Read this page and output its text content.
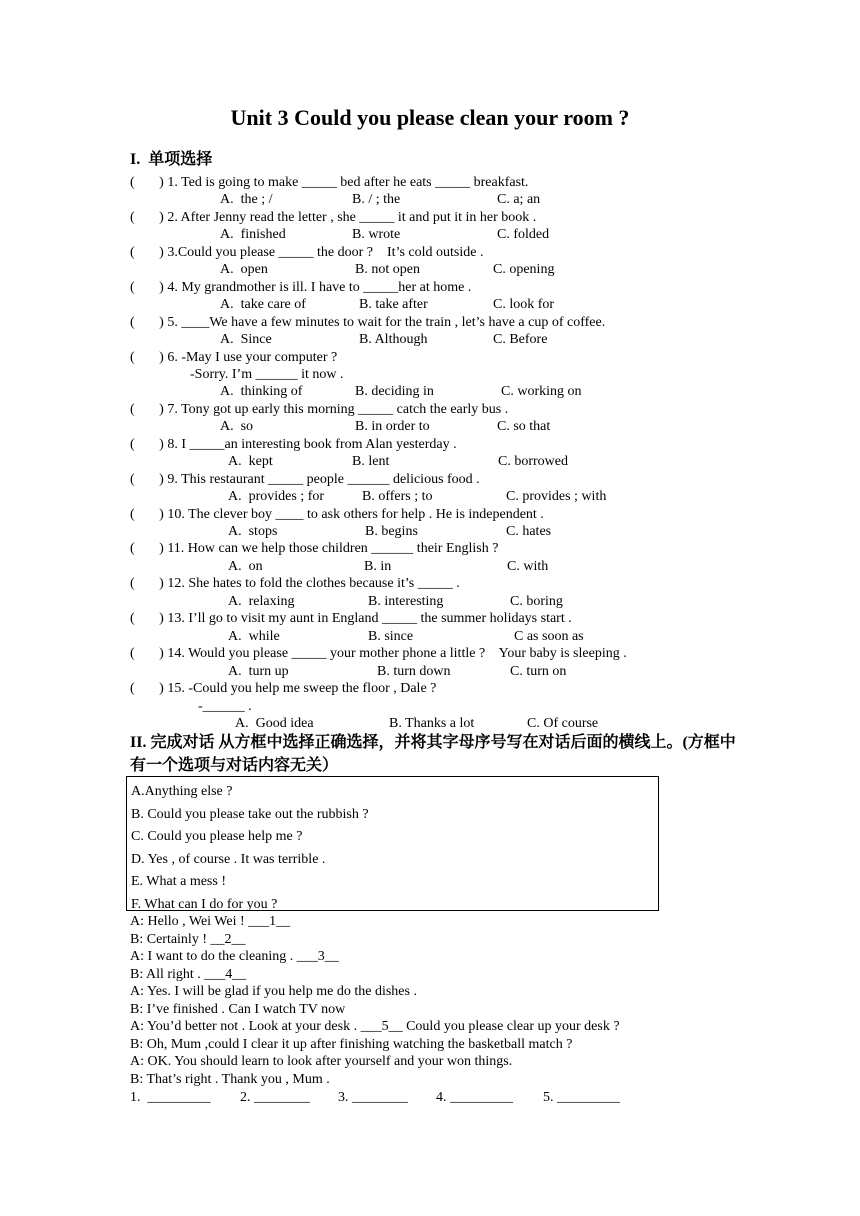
Unit 3 Could you please clean your room ?
I.  单项选择
(       ) 1. Ted is going to make _____ bed after he eats _____ breakfast.
A.  the ; /	B. / ; the	C. a; an
(       ) 2. After Jenny read the letter , she _____ it and put it in her book .
A.  finished	B. wrote	C. folded
(       ) 3.Could you please _____ the door ?    It’s cold outside .
A.  open	B. not open	C. opening
(       ) 4. My grandmother is ill. I have to _____her at home .
A.  take care of	B. take after	C. look for
(       ) 5. ____We have a few minutes to wait for the train , let’s have a cup of coffee.
A.  Since	B. Although	C. Before
(       ) 6. -May I use your computer ?
-Sorry. I’m ______ it now .
A.  thinking of	B. deciding in	C. working on
(       ) 7. Tony got up early this morning _____ catch the early bus .
A.  so	B. in order to	C. so that
(       ) 8. I _____an interesting book from Alan yesterday .
A.  kept	B. lent	C. borrowed
(       ) 9. This restaurant _____ people ______ delicious food .
A.  provides ; for	B. offers ; to	C. provides ; with
(       ) 10. The clever boy ____ to ask others for help . He is independent .
A.  stops	B. begins	C. hates
(       ) 11. How can we help those children ______ their English ?
A.  on	B. in	C. with
(       ) 12. She hates to fold the clothes because it’s _____ .
A.  relaxing	B. interesting	C. boring
(       ) 13. I’ll go to visit my aunt in England _____ the summer holidays start .
A.  while	B. since	C as soon as
(       ) 14. Would you please _____ your mother phone a little ?    Your baby is sleeping .
A.  turn up	B. turn down	C. turn on
(       ) 15. -Could you help me sweep the floor , Dale ?
-______ .
A.  Good idea	B. Thanks a lot	C. Of course
II. 完成对话 从方框中选择正确选择，并将其字母序号写在对话后面的横线上。(方框中有一个选项与对话内容无关）
A.Anything else ?
B. Could you please take out the rubbish ?
C. Could you please help me ?
D. Yes , of course . It was terrible .
E. What a mess !
F. What can I do for you ?
A: Hello , Wei Wei ! ___1__
B: Certainly ! __2__
A: I want to do the cleaning . ___3__
B: All right . ___4__
A: Yes. I will be glad if you help me do the dishes .
B: I’ve finished . Can I watch TV now
A: You’d better not . Look at your desk . ___5__ Could you please clear up your desk ?
B: Oh, Mum ,could I clear it up after finishing watching the basketball match ?
A: OK. You should learn to look after yourself and your won things.
B: That’s right . Thank you , Mum .
1.  _________ 2. ________ 3. ________ 4. _________ 5. _________
